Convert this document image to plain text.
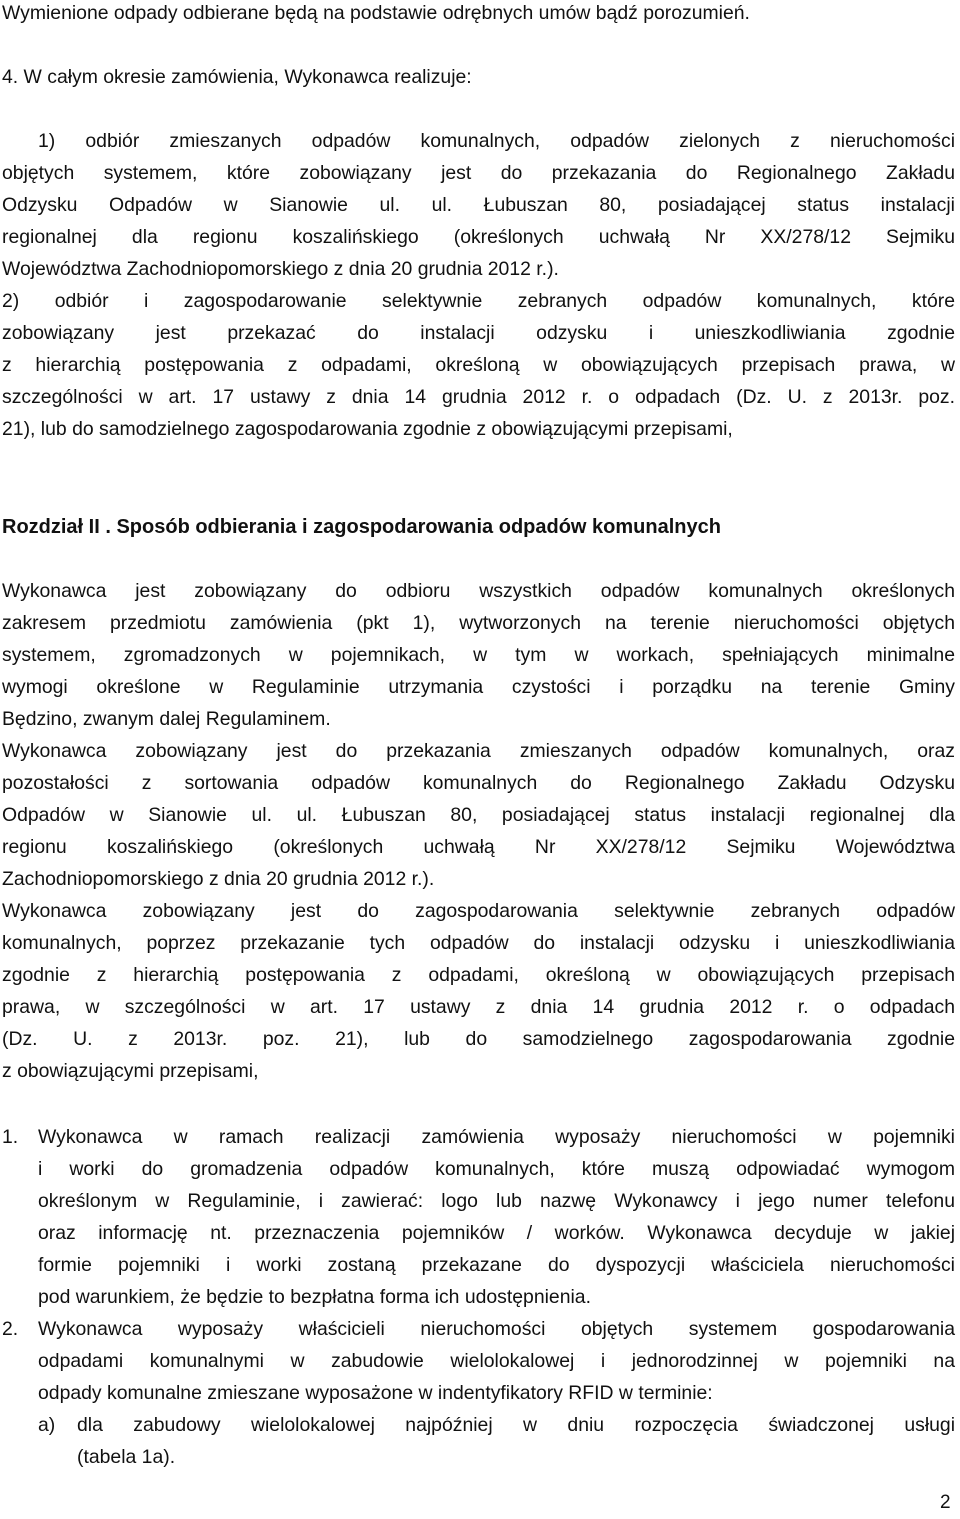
Wymienione odpady odbierane będą na podstawie odrębnych umów bądź porozumień.

4. W całym okresie zamówienia, Wykonawca realizuje:

1) odbiór zmieszanych odpadów komunalnych, odpadów zielonych z nieruchomości

objętych systemem, które zobowiązany jest do przekazania do Regionalnego Zakładu

Odzysku Odpadów w Sianowie ul. ul. Łubuszan 80, posiadającej status instalacji

regionalnej dla regionu koszalińskiego (określonych uchwałą Nr XX/278/12 Sejmiku

Województwa Zachodniopomorskiego z dnia 20 grudnia 2012 r.).

2) odbiór i zagospodarowanie selektywnie zebranych odpadów komunalnych, które

zobowiązany jest przekazać do instalacji odzysku i unieszkodliwiania zgodnie

z hierarchią postępowania z odpadami, określoną w obowiązujących przepisach prawa, w

szczególności w art. 17 ustawy z dnia 14 grudnia 2012 r. o odpadach (Dz. U. z 2013r. poz.

21), lub do samodzielnego zagospodarowania zgodnie z obowiązującymi przepisami,

Rozdział II . Sposób odbierania i zagospodarowania odpadów komunalnych

Wykonawca jest zobowiązany do odbioru wszystkich odpadów komunalnych określonych

zakresem przedmiotu zamówienia (pkt 1), wytworzonych na terenie nieruchomości objętych

systemem, zgromadzonych w pojemnikach, w tym w workach, spełniających minimalne

wymogi określone w Regulaminie utrzymania czystości i porządku na terenie Gminy

Będzino, zwanym dalej Regulaminem.

Wykonawca zobowiązany jest do przekazania zmieszanych odpadów komunalnych, oraz

pozostałości z sortowania odpadów komunalnych do Regionalnego Zakładu Odzysku

Odpadów w Sianowie ul. ul. Łubuszan 80, posiadającej status instalacji regionalnej dla

regionu koszalińskiego (określonych uchwałą Nr XX/278/12 Sejmiku Województwa

Zachodniopomorskiego z dnia 20 grudnia 2012 r.).

Wykonawca zobowiązany jest do zagospodarowania selektywnie zebranych odpadów

komunalnych, poprzez przekazanie tych odpadów do instalacji odzysku i unieszkodliwiania

zgodnie z hierarchią postępowania z odpadami, określoną w obowiązujących przepisach

prawa, w szczególności w art. 17 ustawy z dnia 14 grudnia 2012 r. o odpadach

(Dz. U. z 2013r. poz. 21), lub do samodzielnego zagospodarowania zgodnie

z obowiązującymi przepisami,

1. Wykonawca w ramach realizacji zamówienia wyposaży nieruchomości w pojemniki

i worki do gromadzenia odpadów komunalnych, które muszą odpowiadać wymogom

określonym w Regulaminie, i zawierać: logo lub nazwę Wykonawcy i jego numer telefonu

oraz informację nt. przeznaczenia pojemników / worków. Wykonawca decyduje w jakiej

formie pojemniki i worki zostaną przekazane do dyspozycji właściciela nieruchomości

pod warunkiem, że będzie to bezpłatna forma ich udostępnienia.

2. Wykonawca wyposaży właścicieli nieruchomości objętych systemem gospodarowania

odpadami komunalnymi w zabudowie wielolokalowej i jednorodzinnej w pojemniki na

odpady komunalne zmieszane wyposażone w indentyfikatory RFID w terminie:

a) dla zabudowy wielolokalowej najpóźniej w dniu rozpoczęcia świadczonej usługi

(tabela 1a).

2
